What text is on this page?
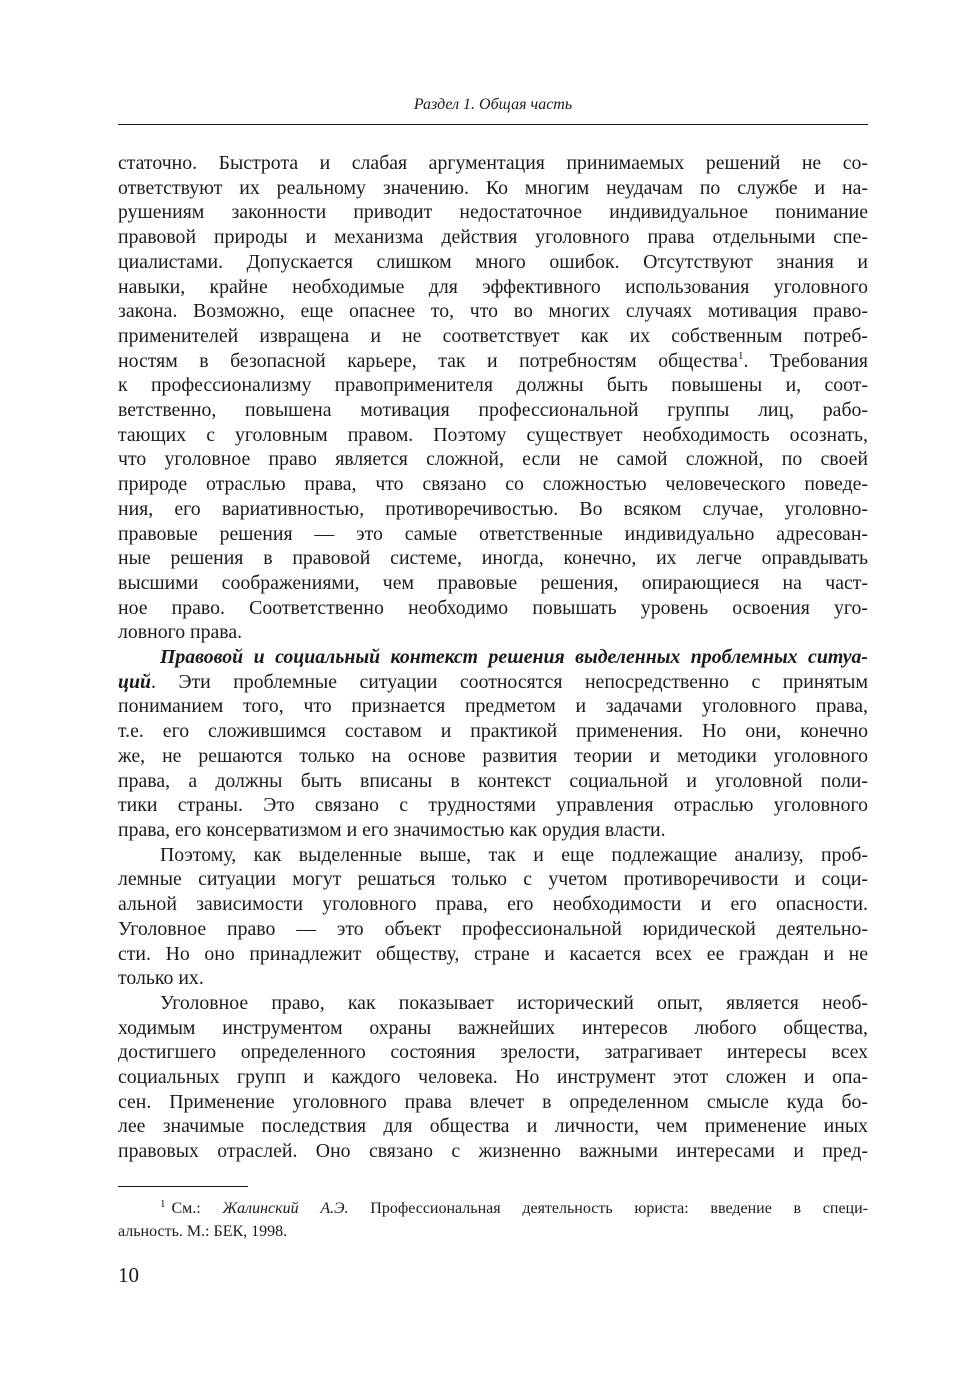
Раздел 1. Общая часть
статочно. Быстрота и слабая аргументация принимаемых решений не со-
ответствуют их реальному значению. Ко многим неудачам по службе и на-
рушениям законности приводит недостаточное индивидуальное понимание
правовой природы и механизма действия уголовного права отдельными спе-
циалистами. Допускается слишком много ошибок. Отсутствуют знания и
навыки, крайне необходимые для эффективного использования уголовного
закона. Возможно, еще опаснее то, что во многих случаях мотивация право-
применителей извращена и не соответствует как их собственным потреб-
ностям в безопасной карьере, так и потребностям общества$^1$. Требования
к профессионализму правоприменителя должны быть повышены и, соот-
ветственно, повышена мотивация профессиональной группы лиц, рабо-
тающих с уголовным правом. Поэтому существует необходимость осознать,
что уголовное право является сложной, если не самой сложной, по своей
природе отраслью права, что связано со сложностью человеческого поведе-
ния, его вариативностью, противоречивостью. Во всяком случае, уголовно-
правовые решения — это самые ответственные индивидуально адресован-
ные решения в правовой системе, иногда, конечно, их легче оправдывать
высшими соображениями, чем правовые решения, опирающиеся на част-
ное право. Соответственно необходимо повышать уровень освоения уго-
ловного права.
Правовой и социальный контекст решения выделенных проблемных ситуа-
ций. Эти проблемные ситуации соотносятся непосредственно с принятым
пониманием того, что признается предметом и задачами уголовного права,
т.е. его сложившимся составом и практикой применения. Но они, конечно
же, не решаются только на основе развития теории и методики уголовного
права, а должны быть вписаны в контекст социальной и уголовной поли-
тики страны. Это связано с трудностями управления отраслью уголовного
права, его консерватизмом и его значимостью как орудия власти.
Поэтому, как выделенные выше, так и еще подлежащие анализу, проб-
лемные ситуации могут решаться только с учетом противоречивости и соци-
альной зависимости уголовного права, его необходимости и его опасности.
Уголовное право — это объект профессиональной юридической деятельно-
сти. Но оно принадлежит обществу, стране и касается всех ее граждан и не
только их.
Уголовное право, как показывает исторический опыт, является необ-
ходимым инструментом охраны важнейших интересов любого общества,
достигшего определенного состояния зрелости, затрагивает интересы всех
социальных групп и каждого человека. Но инструмент этот сложен и опа-
сен. Применение уголовного права влечет в определенном смысле куда бо-
лее значимые последствия для общества и личности, чем применение иных
правовых отраслей. Оно связано с жизненно важными интересами и пред-
$^1$ См.: Жалинский А.Э. Профессиональная деятельность юриста: введение в специ-
альность. М.: БЕК, 1998.
10
